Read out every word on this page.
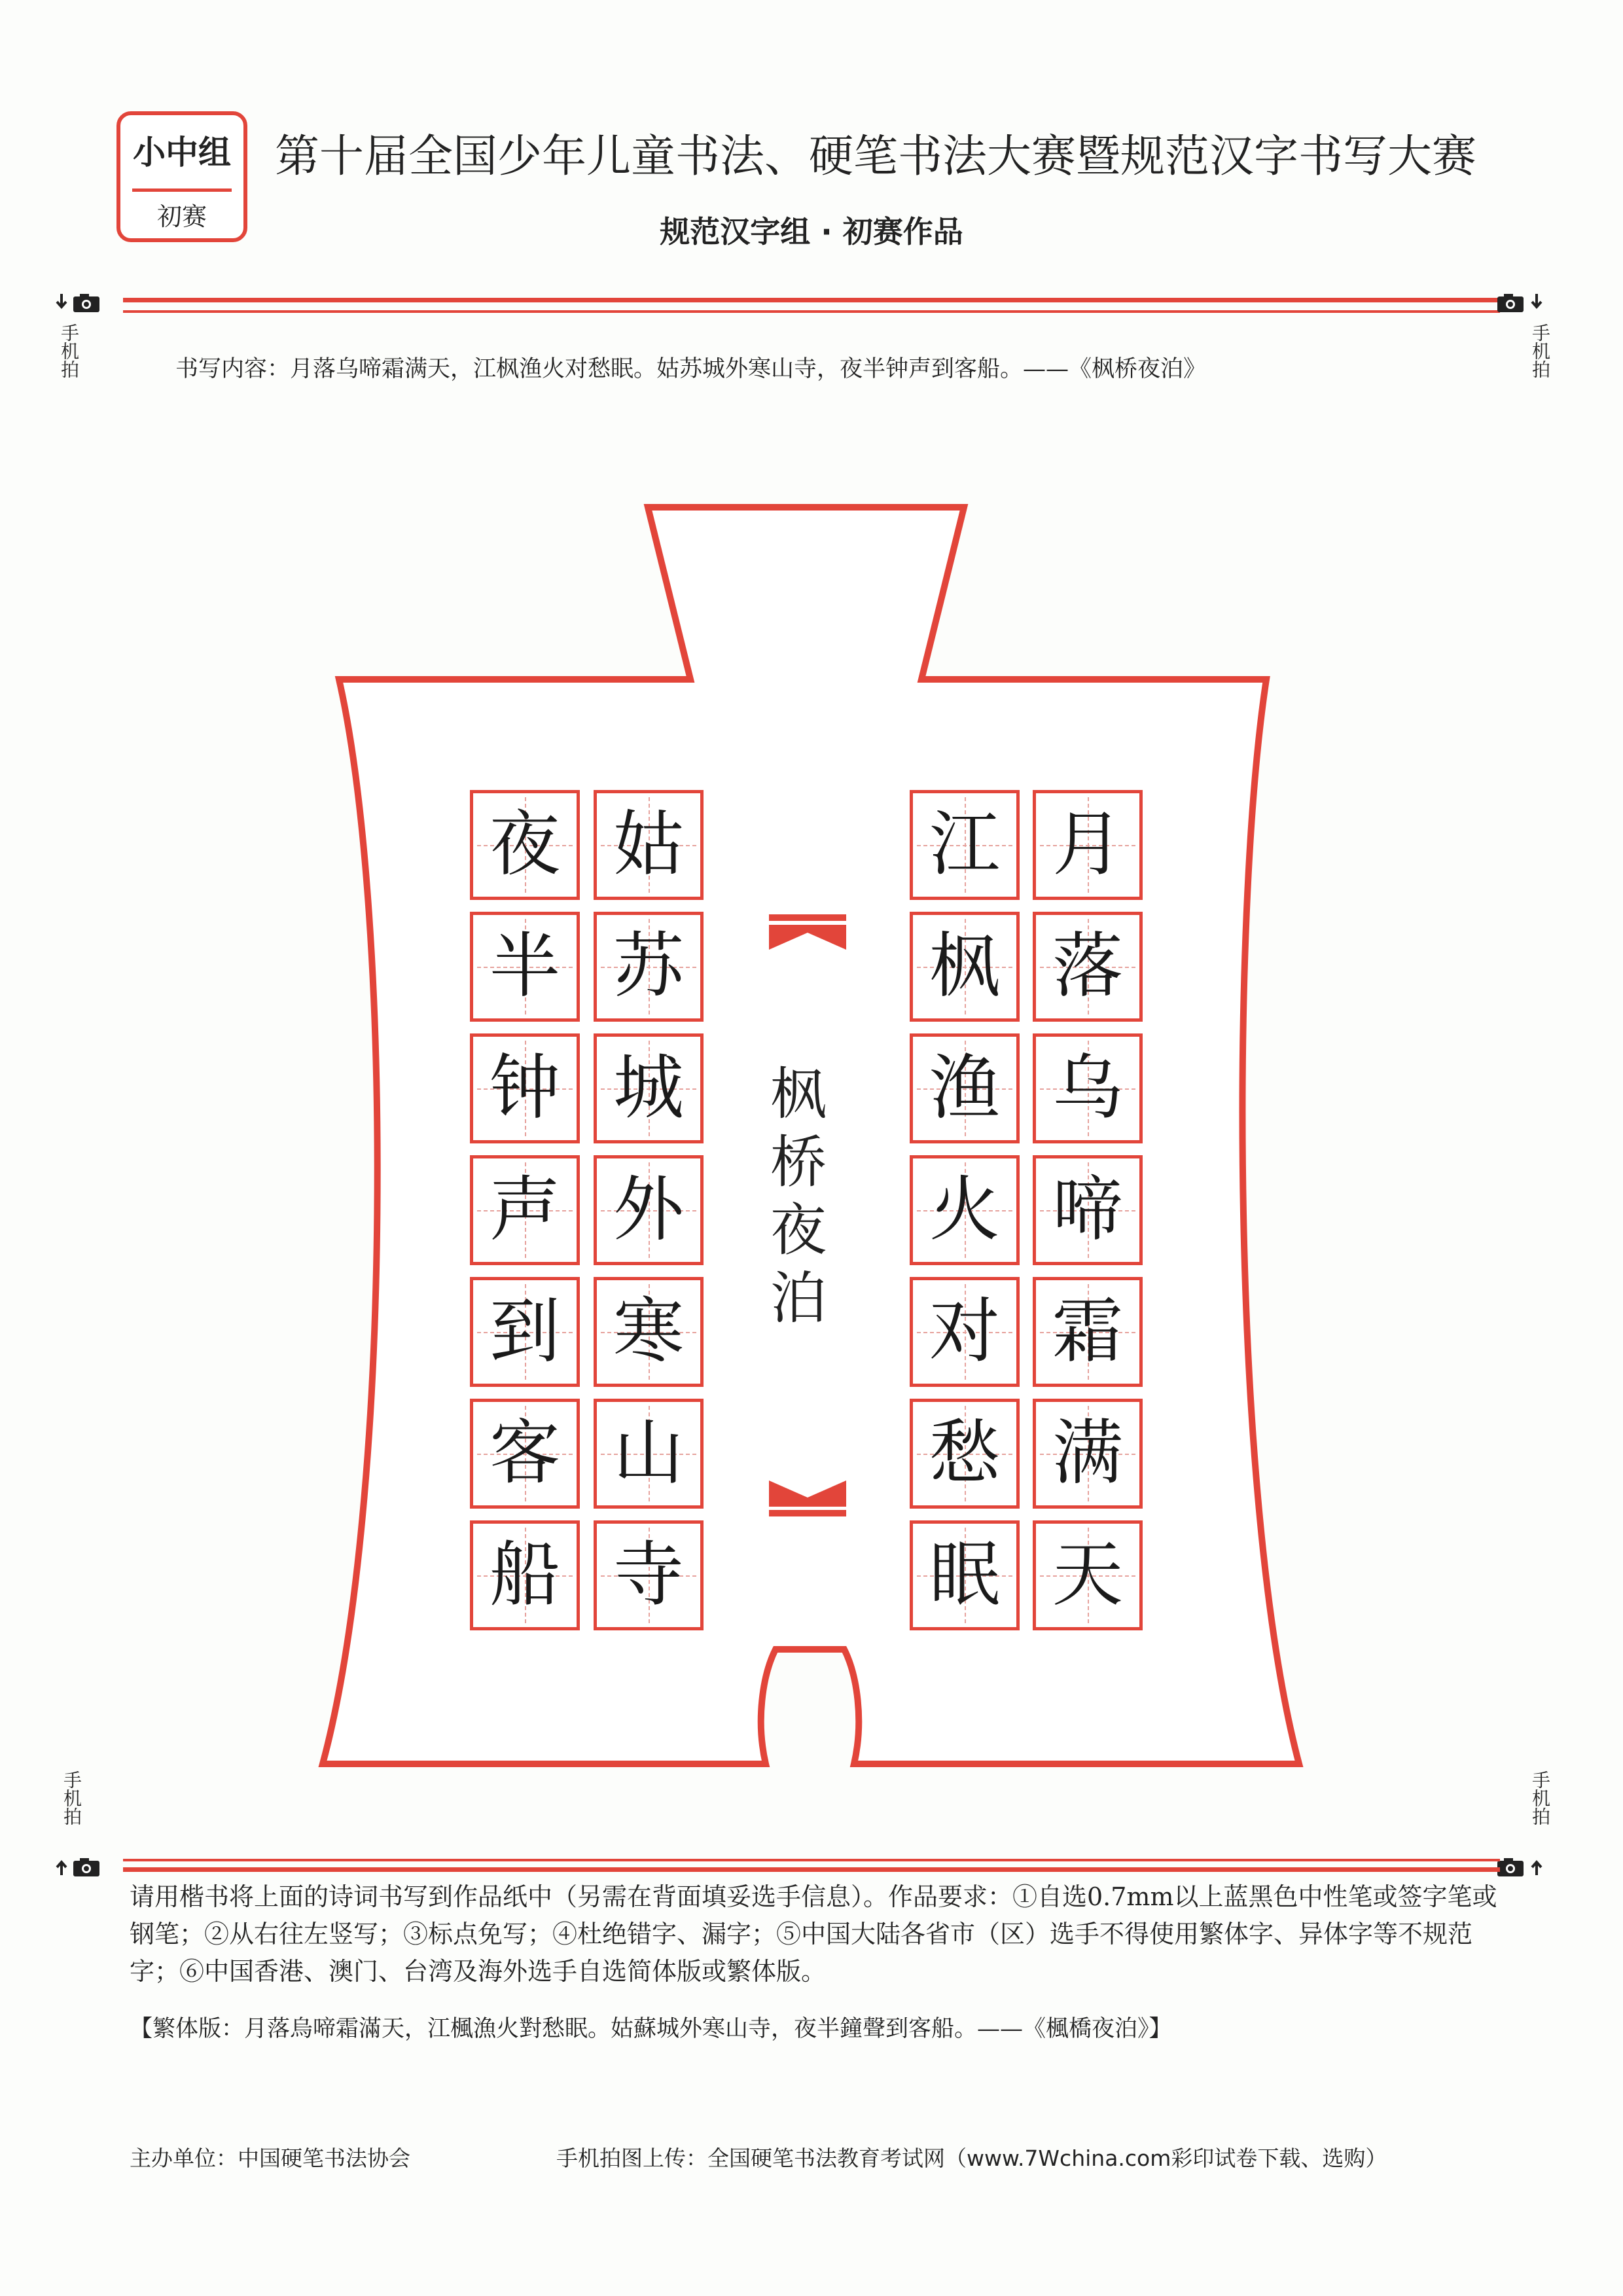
小中组
初赛
第十届全国少年儿童书法、硬笔书法大赛暨规范汉字书写大赛
规范汉字组 · 初赛作品
手机拍	手机拍
书写内容：月落乌啼霜满天，江枫渔火对愁眠。姑苏城外寒山寺，夜半钟声到客船。——《枫桥夜泊》
枫
桥
夜
泊
夜
半
钟
声
到
客
船
姑
苏
城
外
寒
山
寺
江
枫
渔
火
对
愁
眠
月
落
乌
啼
霜
满
天
手机拍	手机拍
请用楷书将上面的诗词书写到作品纸中（另需在背面填妥选手信息）。作品要求：①自选0.7mm以上蓝黑色中性笔或签字笔或钢笔；②从右往左竖写；③标点免写；④杜绝错字、漏字；⑤中国大陆各省市（区）选手不得使用繁体字、异体字等不规范字；⑥中国香港、澳门、台湾及海外选手自选简体版或繁体版。
【繁体版：月落烏啼霜滿天，江楓漁火對愁眠。姑蘇城外寒山寺，夜半鐘聲到客船。——《楓橋夜泊》】
主办单位：中国硬笔书法协会	手机拍图上传：全国硬笔书法教育考试网（www.7Wchina.com彩印试卷下载、选购）
